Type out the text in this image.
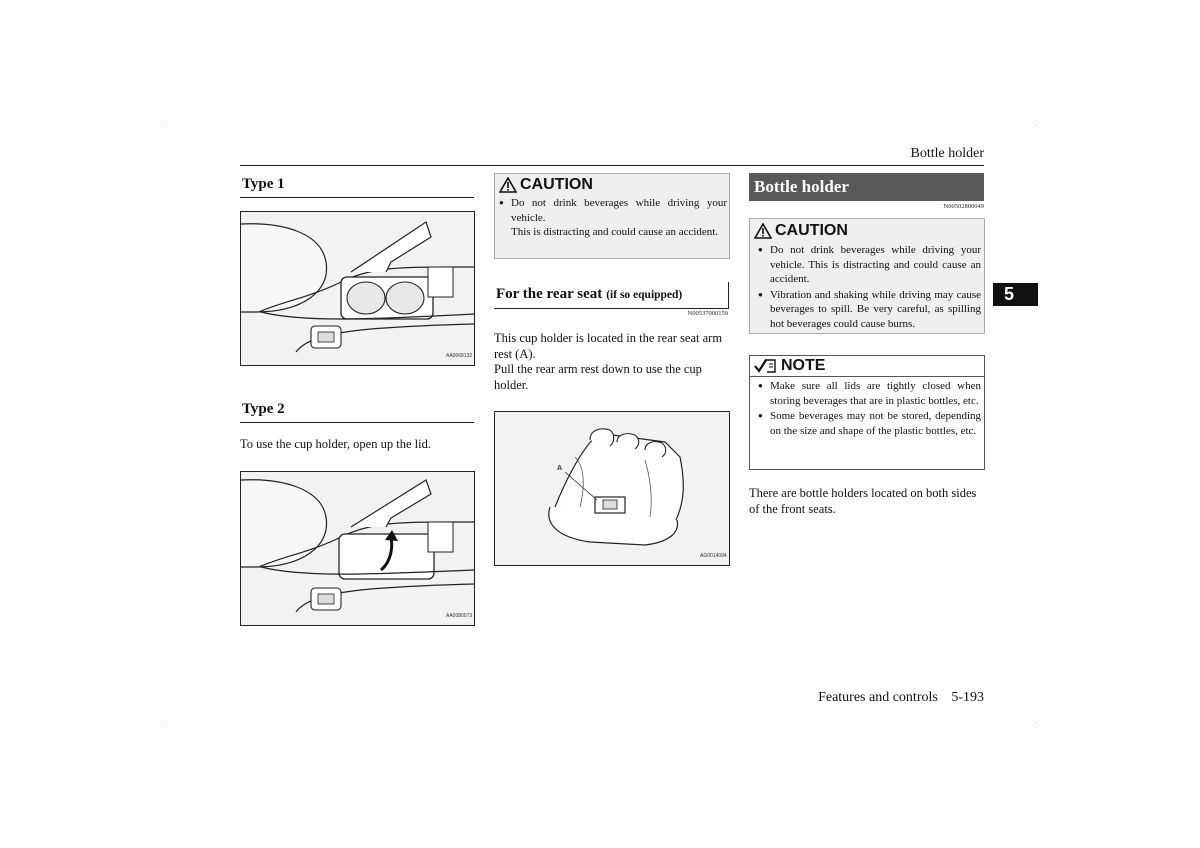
Bottle holder
5
Type 1
AA0068132
Type 2
To use the cup holder, open up the lid.
AA0080073
CAUTION
● Do not drink beverages while driving your vehicle.
This is distracting and could cause an accident.
For the rear seat (if so equipped)
N00537000159
This cup holder is located in the rear seat arm rest (A).
Pull the rear arm rest down to use the cup holder.
A
AG0014094
Bottle holder
N00502800049
CAUTION
● Do not drink beverages while driving your vehicle. This is distracting and could cause an accident.
● Vibration and shaking while driving may cause beverages to spill. Be very careful, as spilling hot beverages could cause burns.
NOTE
● Make sure all lids are tightly closed when storing beverages that are in plastic bottles, etc.
● Some beverages may not be stored, depending on the size and shape of the plastic bottles, etc.
There are bottle holders located on both sides of the front seats.
Features and controls 5-193
